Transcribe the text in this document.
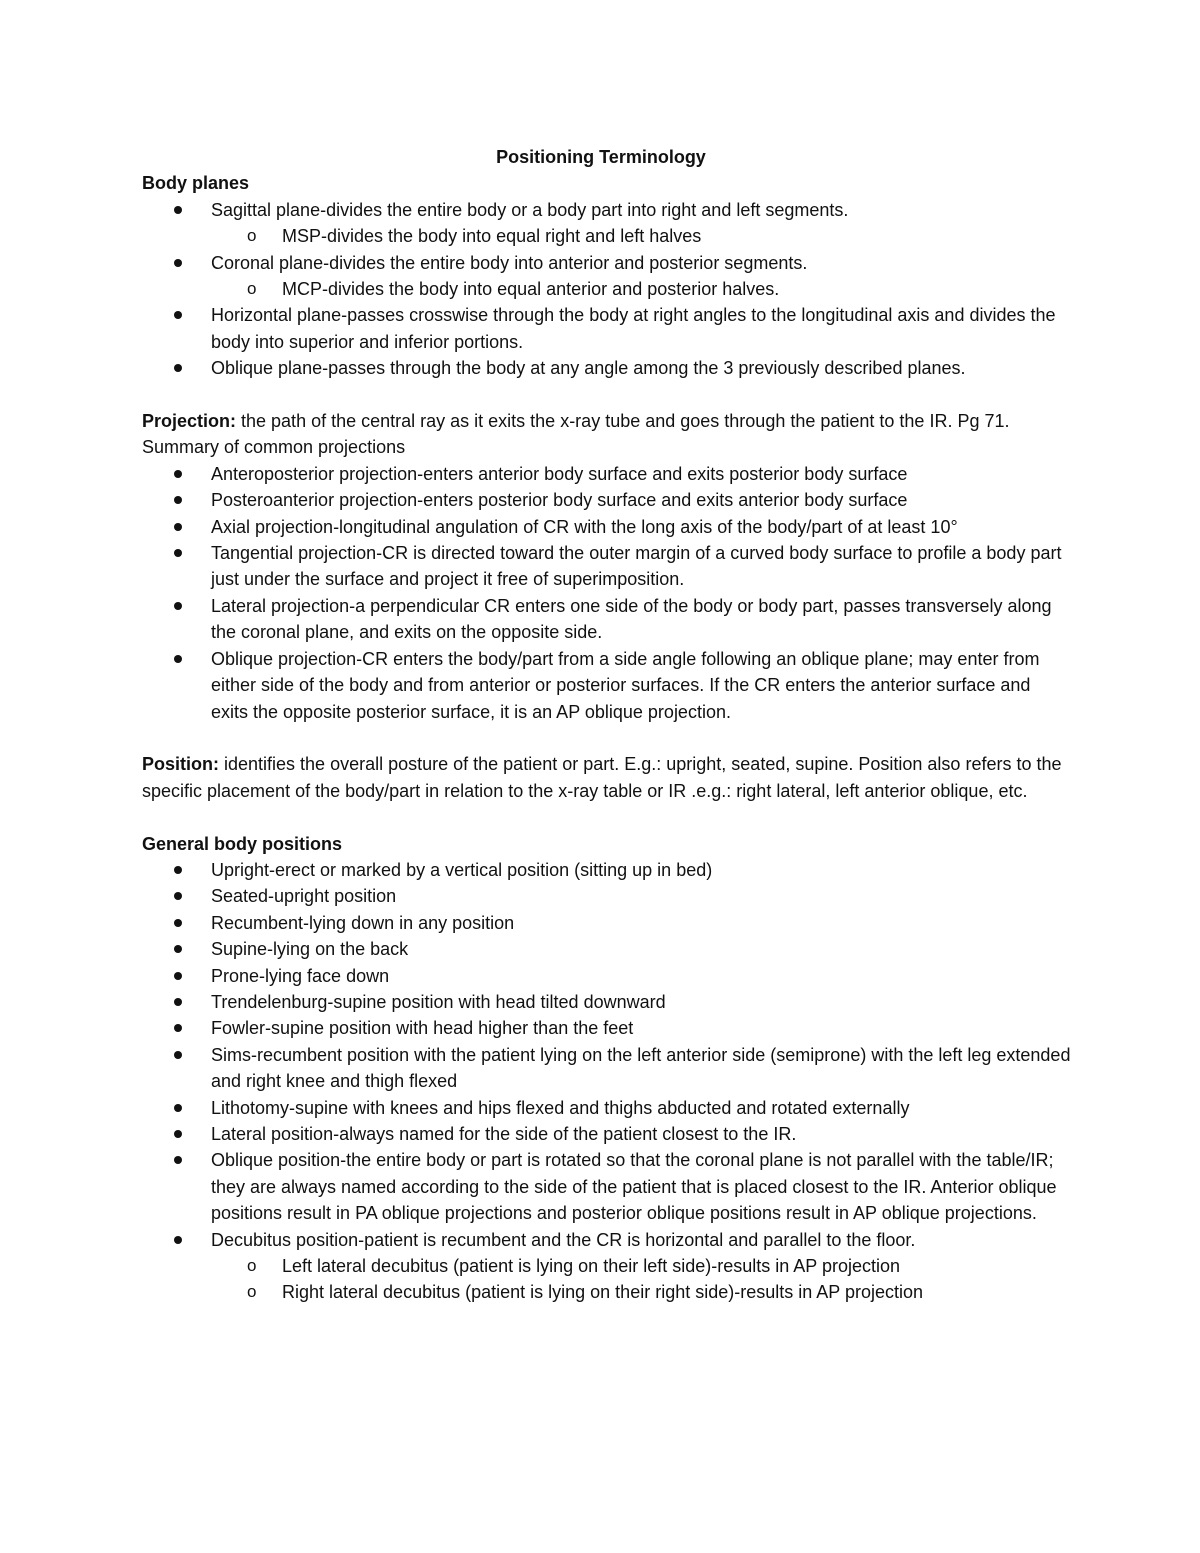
Positioning Terminology

Body planes

Sagittal plane-divides the entire body or a body part into right and left segments.
o MSP-divides the body into equal right and left halves
Coronal plane-divides the entire body into anterior and posterior segments.
o MCP-divides the body into equal anterior and posterior halves.
Horizontal plane-passes crosswise through the body at right angles to the longitudinal axis and divides the body into superior and inferior portions.
Oblique plane-passes through the body at any angle among the 3 previously described planes.

Projection: the path of the central ray as it exits the x-ray tube and goes through the patient to the IR. Pg 71. Summary of common projections

Anteroposterior projection-enters anterior body surface and exits posterior body surface
Posteroanterior projection-enters posterior body surface and exits anterior body surface
Axial projection-longitudinal angulation of CR with the long axis of the body/part of at least 10°
Tangential projection-CR is directed toward the outer margin of a curved body surface to profile a body part just under the surface and project it free of superimposition.
Lateral projection-a perpendicular CR enters one side of the body or body part, passes transversely along the coronal plane, and exits on the opposite side.
Oblique projection-CR enters the body/part from a side angle following an oblique plane; may enter from either side of the body and from anterior or posterior surfaces. If the CR enters the anterior surface and exits the opposite posterior surface, it is an AP oblique projection.

Position: identifies the overall posture of the patient or part. E.g.: upright, seated, supine. Position also refers to the specific placement of the body/part in relation to the x-ray table or IR .e.g.: right lateral, left anterior oblique, etc.

General body positions

Upright-erect or marked by a vertical position (sitting up in bed)
Seated-upright position
Recumbent-lying down in any position
Supine-lying on the back
Prone-lying face down
Trendelenburg-supine position with head tilted downward
Fowler-supine position with head higher than the feet
Sims-recumbent position with the patient lying on the left anterior side (semiprone) with the left leg extended and right knee and thigh flexed
Lithotomy-supine with knees and hips flexed and thighs abducted and rotated externally
Lateral position-always named for the side of the patient closest to the IR.
Oblique position-the entire body or part is rotated so that the coronal plane is not parallel with the table/IR; they are always named according to the side of the patient that is placed closest to the IR. Anterior oblique positions result in PA oblique projections and posterior oblique positions result in AP oblique projections.
Decubitus position-patient is recumbent and the CR is horizontal and parallel to the floor.
o Left lateral decubitus (patient is lying on their left side)-results in AP projection
o Right lateral decubitus (patient is lying on their right side)-results in AP projection
